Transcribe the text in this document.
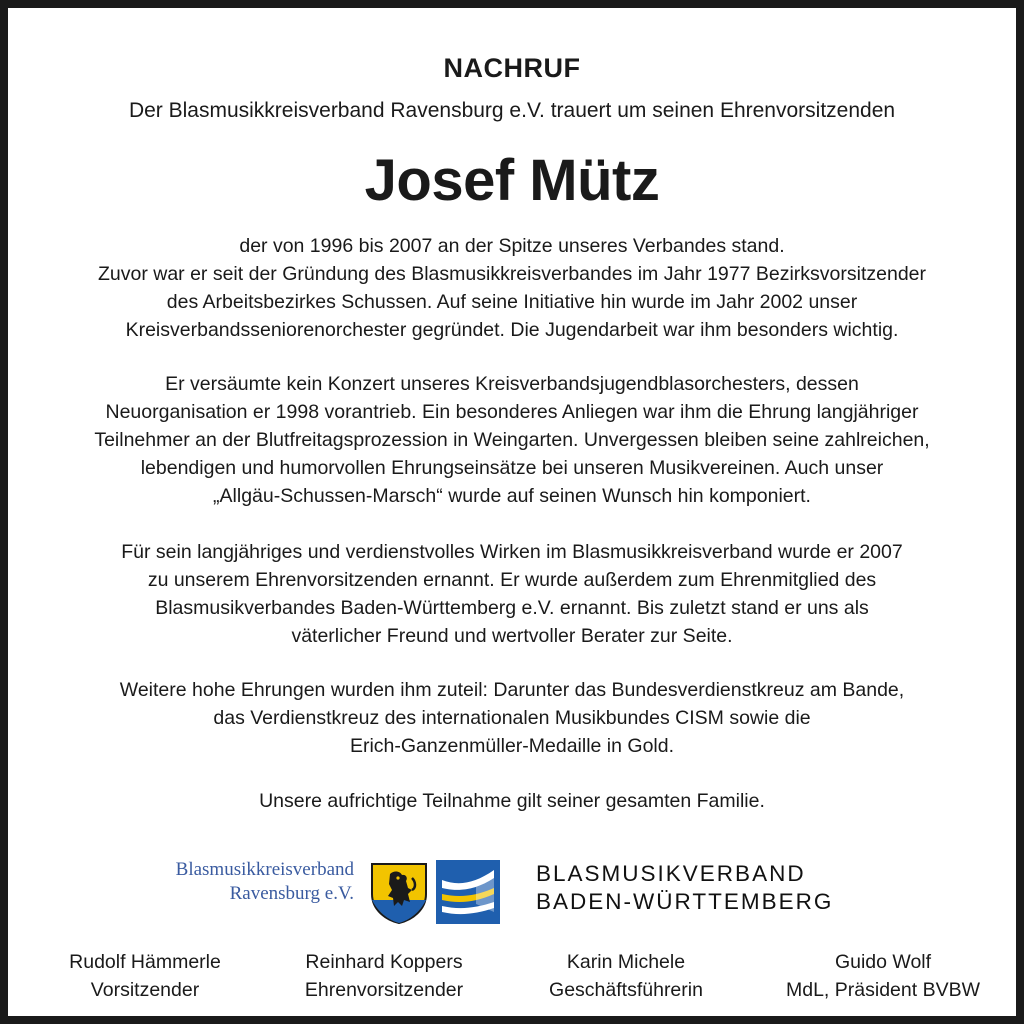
NACHRUF
Der Blasmusikkreisverband Ravensburg e.V. trauert um seinen Ehrenvorsitzenden
Josef Mütz
der von 1996 bis 2007 an der Spitze unseres Verbandes stand.
Zuvor war er seit der Gründung des Blasmusikkreisverbandes im Jahr 1977 Bezirksvorsitzender
des Arbeitsbezirkes Schussen. Auf seine Initiative hin wurde im Jahr 2002 unser
Kreisverbandsseniorenorchester gegründet. Die Jugendarbeit war ihm besonders wichtig.
Er versäumte kein Konzert unseres Kreisverbandsjugendblasorchesters, dessen
Neuorganisation er 1998 vorantrieb. Ein besonderes Anliegen war ihm die Ehrung langjähriger
Teilnehmer an der Blutfreitagsprozession in Weingarten. Unvergessen bleiben seine zahlreichen,
lebendigen und humorvollen Ehrungseinsätze bei unseren Musikvereinen. Auch unser
„Allgäu-Schussen-Marsch“ wurde auf seinen Wunsch hin komponiert.
Für sein langjähriges und verdienstvolles Wirken im Blasmusikkreisverband wurde er 2007
zu unserem Ehrenvorsitzenden ernannt. Er wurde außerdem zum Ehrenmitglied des
Blasmusikverbandes Baden-Württemberg e.V. ernannt. Bis zuletzt stand er uns als
väterlicher Freund und wertvoller Berater zur Seite.
Weitere hohe Ehrungen wurden ihm zuteil: Darunter das Bundesverdienstkreuz am Bande,
das Verdienstkreuz des internationalen Musikbundes CISM sowie die
Erich-Ganzenmüller-Medaille in Gold.
Unsere aufrichtige Teilnahme gilt seiner gesamten Familie.
Blasmusikkreisverband
Ravensburg e.V.
BLASMUSIKVERBAND
BADEN-WÜRTTEMBERG
Rudolf Hämmerle
Vorsitzender
Reinhard Koppers
Ehrenvorsitzender
Karin Michele
Geschäftsführerin
Guido Wolf
MdL, Präsident BVBW
